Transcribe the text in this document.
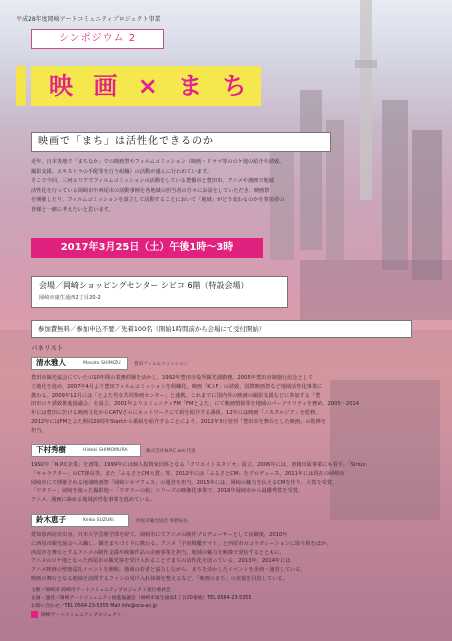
平成28年度岡崎アートコミュニティプロジェクト事業
シンポジウム 2
映 画 × ま ち
映画で「まち」は活性化できるのか
近年、日本各地で「まちなか」での映画祭やフィルムコミッション（映画・ドラマ等のロケ地の紹介や誘致、
撮影支援、エキストラの手配等を行う組織）の活動が盛んに行われています。
そこで今回、三河エリアでフィルムコミッションの活動をしている豊橋市と豊田市、アニメや漫画で地域
活性化を行っている岡崎市や西尾市の活動事例を各地域の担当者の方々にお話をしていただき、映画祭
を開催したり、フィルムコミッションを設立して活動することにおいて「地域」がどう変わるのかを参加者の
皆様と一緒に考えたいと思います。
2017年3月25日（土）午後1時〜3時
会場／岡崎ショッピングセンター シビコ 6階（特設会場）
岡崎市康生通西2丁目20-2
参加費無料／参加申込不要／先着100名（開始1時間前から会場にて受付開始）
パネリスト
清水雅人	Masato SHIMIZU	豊田フィルムコミッション
豊田市観光協会にていたの10年間の業務経験を活かし、1992年豊田市役所観光課勤務。2005年豊田市制施行記念として
立地化を進め、2007年4月より豊田フィルムコミッションを組織化。映画「K.I.F」の誘致、国際映画祭など地域活性化事業に
携わる。2009年12月には「とよた男女共同参画センター」と連携。これまでに国内外の映画の撮影支援などに参加する「豊
田市ロケ誘致推進協議会」を設立。2001年よりコミュニティFM「FMとよた」にて映画情報等を地域のパーソナリティを務め、2005〜2014
年には豊田に於ける映画文化からCATVさらにネットワークにて約を紹介する番組。12年には映画「ノスタルジア」を監修。
2012年にはFMとよた開局20周年Startから番組を紹介することにより、2012年3月発刊「豊田市を舞台とした映画」の監修を
担当。
下村秀樹	Hideki SHIMOMURA	株式会社N.P.C.ent 代表
1992年「N.P.C企業」を創業。1999年には個人投資家団体となる「クリエイトスタジオ」設立。2006年には、書籍出版事業にも着手。「Sirius」
「キャラクター」のCT課長等。また「ふるさとCM大賞」等、2012年には「ふるさとCM」をプロデュース。2011年には現在の岡崎市
岡崎市にて開催される地域映画祭「岡崎シネマフェス」の運営を担当。2015年には、岡崎の魅力を伝えるCMを作り、大賞を受賞。
「ワタリー」岡崎を使った撮影地〜「ワタリーの旅」シリーズの映像化事業で、2016年岡崎市から最優秀賞を受賞。
アニメ、漫画に絡める地域活性化事業を進めている。
鈴木恵子	Keiko SUZUKI	西尾市観光協会 事務局長
愛知県西尾市出身。日本大学芸術学部を経て、岡崎市にてアニメの制作プロデューサーとして活躍後、2010年
に西尾市観光協会へ入職し、観光まちづくりに携わる。アニメ「宇宙戦艦ヤマト」と西尾市のコラボレーションに取り組むほか、
西尾市を舞台とするアニメの制作支援や映像作品の企画事業を担当。地域の魅力を映像で発信するとともに、
アニメのロケ地となった西尾市の観光客を受け入れることでまちの活性化を図っている。2013年、2014年には
アニメ映画の聖地巡礼イベントを開催。地域の若者と協力しながら、まちを活かしたイベントを企画・運営している。
映画の舞台となる地域を訪問するファンの受け入れ体制を整えるなど、「映画のまち」の実現を目指している。
主催／岡崎市 岡崎市アートコミュニティプロジェクト実行委員会
企画・運営／岡崎アートコミュニティ推進協議会（岡崎市康生通南1丁目20番地）TEL 0564-23-5355
お問い合わせ／TEL 0564-23-5355 Mail info@oca-ac.jp
岡崎アートコミュニティプロジェクト
